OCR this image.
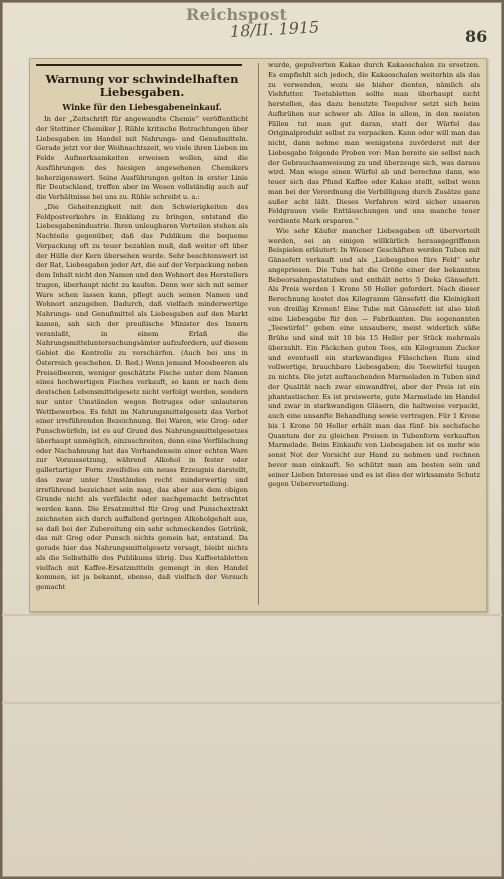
Reichspost
18/II. 1915	86
Warnung vor schwindelhaften Liebesgaben.
Winke für den Liebesgabeneinkauf.

In der „Zeitschrift für angewandte Chemie“ veröffentlicht der Stettiner Chemiker J. Rühle kritische Betrachtungen über Liebesgaben im Handel mit Nahrungs- und Genußmitteln. Gerade jetzt vor der Weihnachtszeit, wo viele ihren Lieben im Felde Aufmerksamkeiten erweisen wollen, sind die Ausführungen des hiesigen angesehenen Chemikers beherzigenswert. Seine Ausführungen gelten in erster Linie für Deutschland, treffen aber im Wesen vollständig auch auf die Verhältnisse bei uns zu. Rühle schreibt u. a.:

„Die Geheitenzigkeit mit den Schwierigkeiten des Feldpostverkehrs in Einklang zu bringen, entstand die Liebesgabenindustrie. Ihren unleugbaren Vorteilen stehen als Nachteile gegenüber, daß das Publikum die bequeme Verpackung oft zu teuer bezahlen muß, daß weiter oft über der Hülle der Kern übersehen wurde. Sehr beachtenswert ist der Rat, Liebesgaben jeder Art, die auf der Verpackung neben dem Inhalt nicht den Namen und den Wohnort des Herstellers tragen, überhaupt nicht zu kaufen. Denn wer sich mit seiner Ware schen lassen kann, pflegt auch seinen Namen und Wohnort anzugeben. Dadurch, daß vielfach minderwertige Nahrungs- und Genußmittel als Liebesgaben auf den Markt kamen, sah sich der preußische Minister des Innern veranlaßt, in einem Erlaß die Nahrungsmitteluntersuchungsämter aufzufordern, auf diesem Gebiet die Kontrolle zu verschärfen. (Auch bei uns in Österreich geschehen. D. Red.) Wenn jemand Moosbeeren als Preiselbeeren, weniger geschätzte Fische unter dem Namen eines hochwertigen Fisches verkauft, so kann er nach dem deutschen Lebensmittelgesetz nicht verfolgt werden, sondern nur unter Umständen wegen Betruges oder unlauteren Wettbewerbes. Es fehlt im Nahrungsmittelgesetz das Verbot einer irreführenden Bezeichnung. Bei Waren, wie Grog- oder Punschwürfeln, ist es auf Grund des Nahrungsmittelgesetzes überhaupt unmöglich, einzuschreiten, denn eine Verfälschung oder Nachahmung hat das Vorhandensein einer echten Ware zur Voraussetzung, während Alkohol in fester oder gallertartiger Form zweifellos ein neues Erzeugnis darstellt, das zwar unter Umständen recht minderwertig und irreführend bezeichnet sein mag, das aber aus dem obigen Grunde nicht als verfälscht oder nachgemacht betrachtet werden kann. Die Ersatzmittel für Grog und Punschextrakt zeichneten sich durch auffallend geringen Alkoholgehalt aus, so daß bei der Zubereitung ein sehr schmeckendes Getränk, das mit Grog oder Punsch nichts gemein hat, entstand. Da gerade hier das Nahrungsmittelgesetz versagt, bleibt nichts als die Selbsthilfe des Publikums übrig. Das Kaffeetabletten vielfach mit Kaffee-Ersatzmitteln gemengt in den Handel kommen, ist ja bekannt, ebenso, daß vielfach der Versuch gemacht

wurde, gepulverten Kakao durch Kakaoschalen zu ersetzen. Es empfiehlt sich jedoch, die Kakaoschalen weiterhin als das zu verwenden, wozu sie bisher dienten, nämlich als Viehfutter. Teetabletten sollte man überhaupt nicht herstellen, das dazu benutzte Teepulver setzt sich beim Aufbrühen nur schwer ab. Alles in allem, in den meisten Fällen tut man gut daran, statt der Würfel das Originalprodukt selbst zu verpacken. Kann oder will man das nicht, dann nehme man wenigstens zuvörderst mit der Liebesgabe folgende Proben vor: Man bereite sie selbst nach der Gebrauchsanweisung zu und überzeuge sich, was daraus wird. Man wiege einen Würfel ab und berechne dann, wie teuer sich das Pfund Kaffee oder Kakao stellt, selbst wenn man bei der Verordnung die Verbilligung durch Zusätze ganz außer acht läßt. Dieses Verfahren wird sicher unseren Feldgrauen viele Enttäuschungen und uns manche teuer verdiente Mark ersparen.“

Wie sehr Käufer mancher Liebesgaben oft übervorteilt werden, sei an einigen willkürlich herausgegriffenen Beispielen erläutert: In Wiener Geschäften werden Tuben mit Gänsefett verkauft und als „Liebesgaben fürs Feld“ sehr angepriesen. Die Tube hat die Größe einer der bekannten Bebeorsahnpastatuben und enthält netto 5 Deka Gänsefett. Als Preis werden 1 Krone 50 Heller gefordert. Nach dieser Berechnung kostet das Kilogramm Gänsefett die Kleinigkeit von dreißig Kronen! Eine Tube mit Gänsefett ist also bloß eine Liebesgabe für den — Fabrikanten. Die sogenannten „Teewürfel“ geben eine unsaubere, meist widerlich süße Brühe und sind mit 10 bis 15 Heller per Stück mehrmals überzahlt. Ein Päckchen guten Tees, ein Kilogramm Zucker und eventuell ein starkwandiges Fläschchen Rum sind vollwertige, brauchbare Liebesgaben; die Teewürfel taugen zu nichts. Die jetzt auftauchenden Marmeladen in Tuben sind der Qualität nach zwar einwandfrei, aber der Preis ist ein phantastischer. Es ist preiswerte, gute Marmelade im Handel und zwar in starkwandigen Gläsern, die haltweise verpackt, auch eine unsanfte Behandlung sowie vertragen. Für 1 Krone bis 1 Krone 50 Heller erhält man das fünf- bis sechsfache Quantum der zu gleichen Preisen in Tubenform verkauften Marmelade. Beim Einkaufe von Liebesgaben ist es mehr wie sonst Not der Vorsicht zur Hand zu nehmen und rechnen bevor man einkauft. So schützt man am besten sein und seiner Lieben Interesse und es ist dies der wirksamste Schutz gegen Uebervorteilung.
